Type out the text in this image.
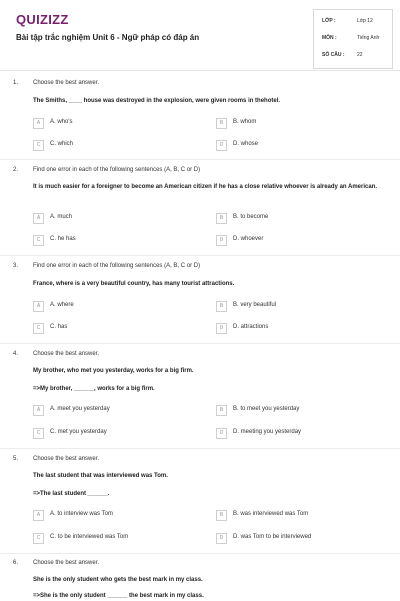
QUIZIZZ
Bài tập trắc nghiệm Unit 6 - Ngữ pháp có đáp án
LỚP :	Lớp 12
MÔN :	Tiếng Anh
SỐ CÂU :	22
1. Choose the best answer.
The Smiths, ____ house was destroyed in the explosion, were given rooms in thehotel.
A	A. who's	B	B. whom
C	C. which	D	D. whose
2. Find one error in each of the following sentences (A, B, C or D)
It is much easier for a foreigner to become an American citizen if he has a close relative whoever is already an American.
A	A. much	B	B. to become
C	C. he has	D	D. whoever
3. Find one error in each of the following sentences (A, B, C or D)
France, where is a very beautiful country, has many tourist attractions.
A	A. where	B	B. very beautiful
C	C. has	D	D. attractions
4. Choose the best answer.
My brother, who met you yesterday, works for a big firm.
=>My brother, ______, works for a big firm.
A	A. meet you yesterday	B	B. to meet you yesterday
C	C. met you yesterday	D	D. meeting you yesterday
5. Choose the best answer.
The last student that was interviewed was Tom.
=>The last student ______.
A	A. to interview was Tom	B	B. was interviewed was Tom
C	C. to be interviewed was Tom	D	D. was Tom to be interviewed
6. Choose the best answer.
She is the only student who gets the best mark in my class.
=>She is the only student ______ the best mark in my class.
